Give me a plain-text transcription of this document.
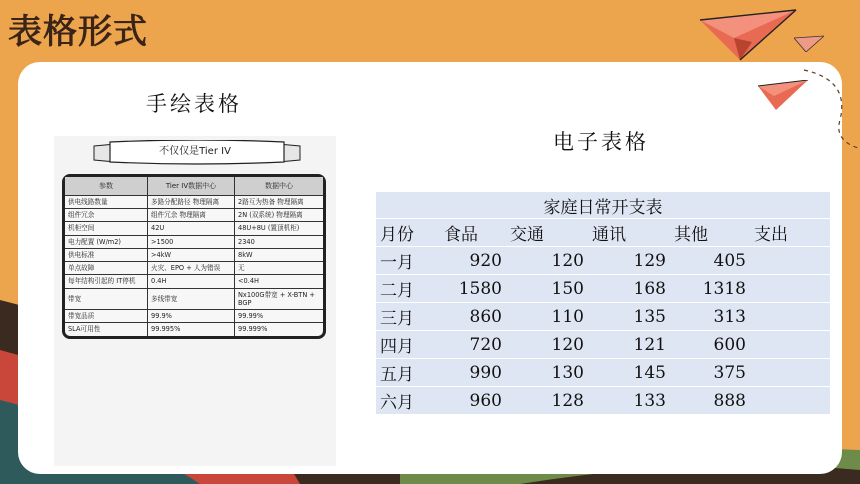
表格形式
手绘表格
电子表格
不仅仅是Tier IV
参数	Tier IV数据中心	数据中心
供电线路数量	多路分配路径 物理隔离	2路互为热备 物理隔离
组件冗余	组件冗余 物理隔离	2N (双系统) 物理隔离
机柜空间	42U	48U+8U (置顶机柜)
电力配置 (W/m2)	>1500	2340
供电标准	>4kW	8kW
单点故障	火灾、EPO + 人为错误	无
每年结构引起的 IT停机	0.4H	<0.4H
带宽	多线带宽	Nx100G带宽 + X-BTN + BGP
带宽品质	99.9%	99.99%
SLA可用性	99.995%	99.999%
家庭日常开支表					
月份	食品	交通	通讯	其他	支出
一月	920	120	129	405	
二月	1580	150	168	1318	
三月	860	110	135	313	
四月	720	120	121	600	
五月	990	130	145	375	
六月	960	128	133	888	
